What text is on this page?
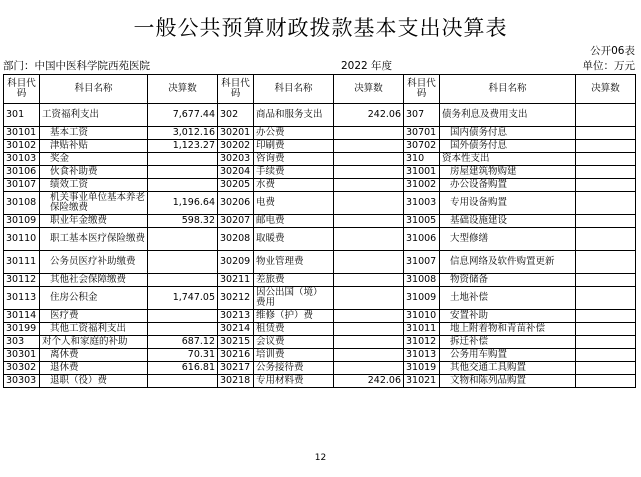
一般公共预算财政拨款基本支出决算表
公开06表
部门：中国中医科学院西苑医院	2022 年度	单位：万元
科目代码	科目名称	决算数	科目代码	科目名称	决算数	科目代码	科目名称	决算数
301	工资福利支出	7,677.44	302	商品和服务支出	242.06	307	债务利息及费用支出	
30101	基本工资	3,012.16	30201	办公费		30701	国内债务付息	
30102	津贴补贴	1,123.27	30202	印刷费		30702	国外债务付息	
30103	奖金		30203	咨询费		310	资本性支出	
30106	伙食补助费		30204	手续费		31001	房屋建筑物购建	
30107	绩效工资		30205	水费		31002	办公设备购置	
30108	机关事业单位基本养老保险缴费	1,196.64	30206	电费		31003	专用设备购置	
30109	职业年金缴费	598.32	30207	邮电费		31005	基础设施建设	
30110	职工基本医疗保险缴费		30208	取暖费		31006	大型修缮	
30111	公务员医疗补助缴费		30209	物业管理费		31007	信息网络及软件购置更新	
30112	其他社会保障缴费		30211	差旅费		31008	物资储备	
30113	住房公积金	1,747.05	30212	因公出国（境）费用		31009	土地补偿	
30114	医疗费		30213	维修（护）费		31010	安置补助	
30199	其他工资福利支出		30214	租赁费		31011	地上附着物和青苗补偿	
303	对个人和家庭的补助	687.12	30215	会议费		31012	拆迁补偿	
30301	离休费	70.31	30216	培训费		31013	公务用车购置	
30302	退休费	616.81	30217	公务接待费		31019	其他交通工具购置	
30303	退职（役）费		30218	专用材料费	242.06	31021	文物和陈列品购置	
12
